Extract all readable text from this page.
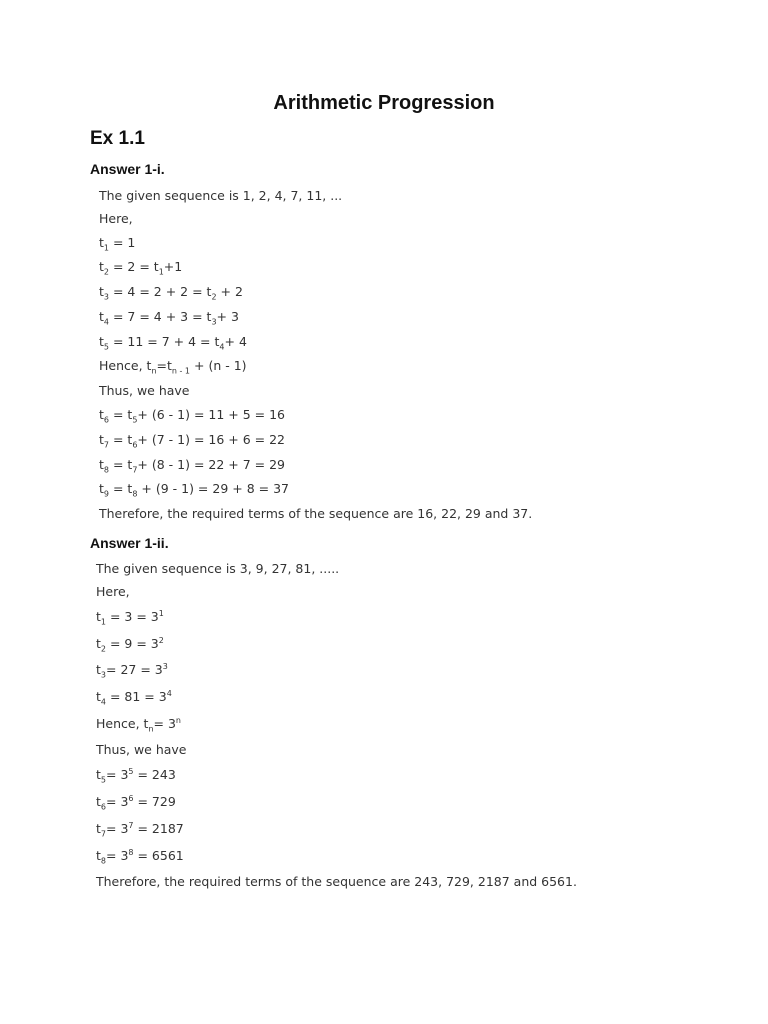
Arithmetic Progression
Ex 1.1
Answer 1-i.
The given sequence is 1, 2, 4, 7, 11, ...
Here,
$t_1 = 1$
$t_2 = 2 = t_1+1$
$t_3 = 4 = 2 + 2 = t_2 + 2$
$t_4 = 7 = 4 + 3 = t_3+ 3$
$t_5 = 11 = 7 + 4 = t_4+ 4$
Hence, $t_n=t_{n - 1} + (n - 1)$
Thus, we have
$t_6 = t_5+ (6 - 1) = 11 + 5 = 16$
$t_7 = t_6+ (7 - 1) = 16 + 6 = 22$
$t_8 = t_7+ (8 - 1) = 22 + 7 = 29$
$t_9 = t_8 + (9 - 1) = 29 + 8 = 37$
Therefore, the required terms of the sequence are 16, 22, 29 and 37.
Answer 1-ii.
The given sequence is 3, 9, 27, 81, .....
Here,
$t_1 = 3 = 3^1$
$t_2 = 9 = 3^2$
$t_3= 27 = 3^3$
$t_4 = 81 = 3^4$
Hence, $t_n= 3^n$
Thus, we have
$t_5= 3^5 = 243$
$t_6= 3^6 = 729$
$t_7= 3^7 = 2187$
$t_8= 3^8 = 6561$
Therefore, the required terms of the sequence are 243, 729, 2187 and 6561.
